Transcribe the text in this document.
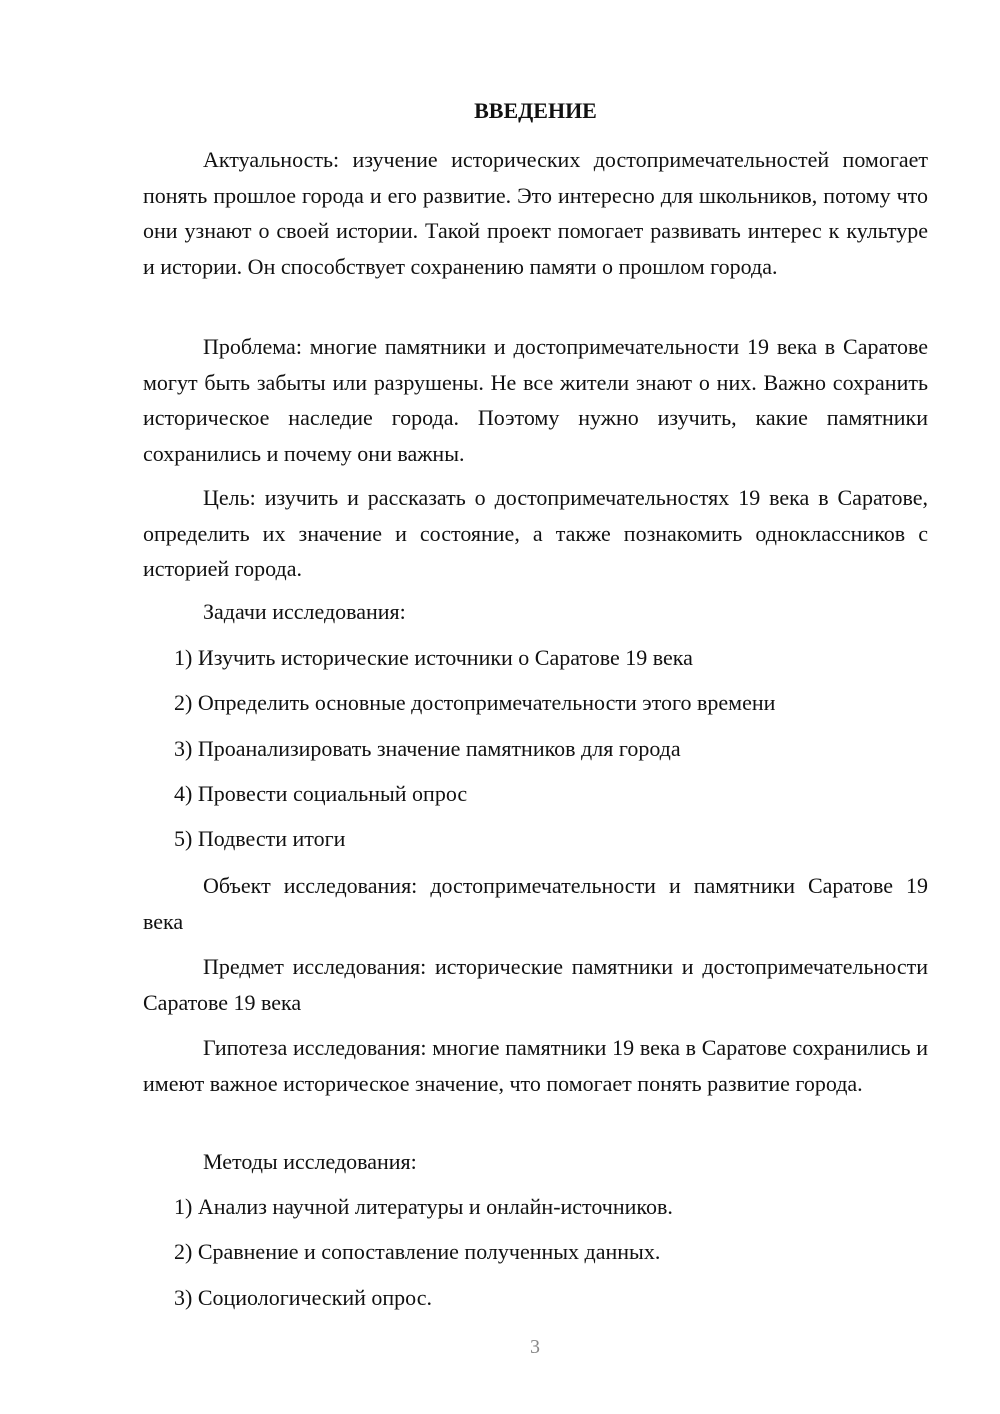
ВВЕДЕНИЕ

Актуальность: изучение исторических достопримечательностей помогает понять прошлое города и его развитие. Это интересно для школьников, потому что они узнают о своей истории. Такой проект помогает развивать интерес к культуре и истории. Он способствует сохранению памяти о прошлом города.

Проблема: многие памятники и достопримечательности 19 века в Саратове могут быть забыты или разрушены. Не все жители знают о них. Важно сохранить историческое наследие города. Поэтому нужно изучить, какие памятники сохранились и почему они важны.

Цель: изучить и рассказать о достопримечательностях 19 века в Саратове, определить их значение и состояние, а также познакомить одноклассников с историей города.

Задачи исследования:
1) Изучить исторические источники о Саратове 19 века
2) Определить основные достопримечательности этого времени
3) Проанализировать значение памятников для города
4) Провести социальный опрос
5) Подвести итоги

Объект исследования: достопримечательности и памятники Саратове 19 века

Предмет исследования: исторические памятники и достопримечательности Саратове 19 века

Гипотеза исследования: многие памятники 19 века в Саратове сохранились и имеют важное историческое значение, что помогает понять развитие города.

Методы исследования:
1) Анализ научной литературы и онлайн-источников.
2) Сравнение и сопоставление полученных данных.
3) Социологический опрос.
3
